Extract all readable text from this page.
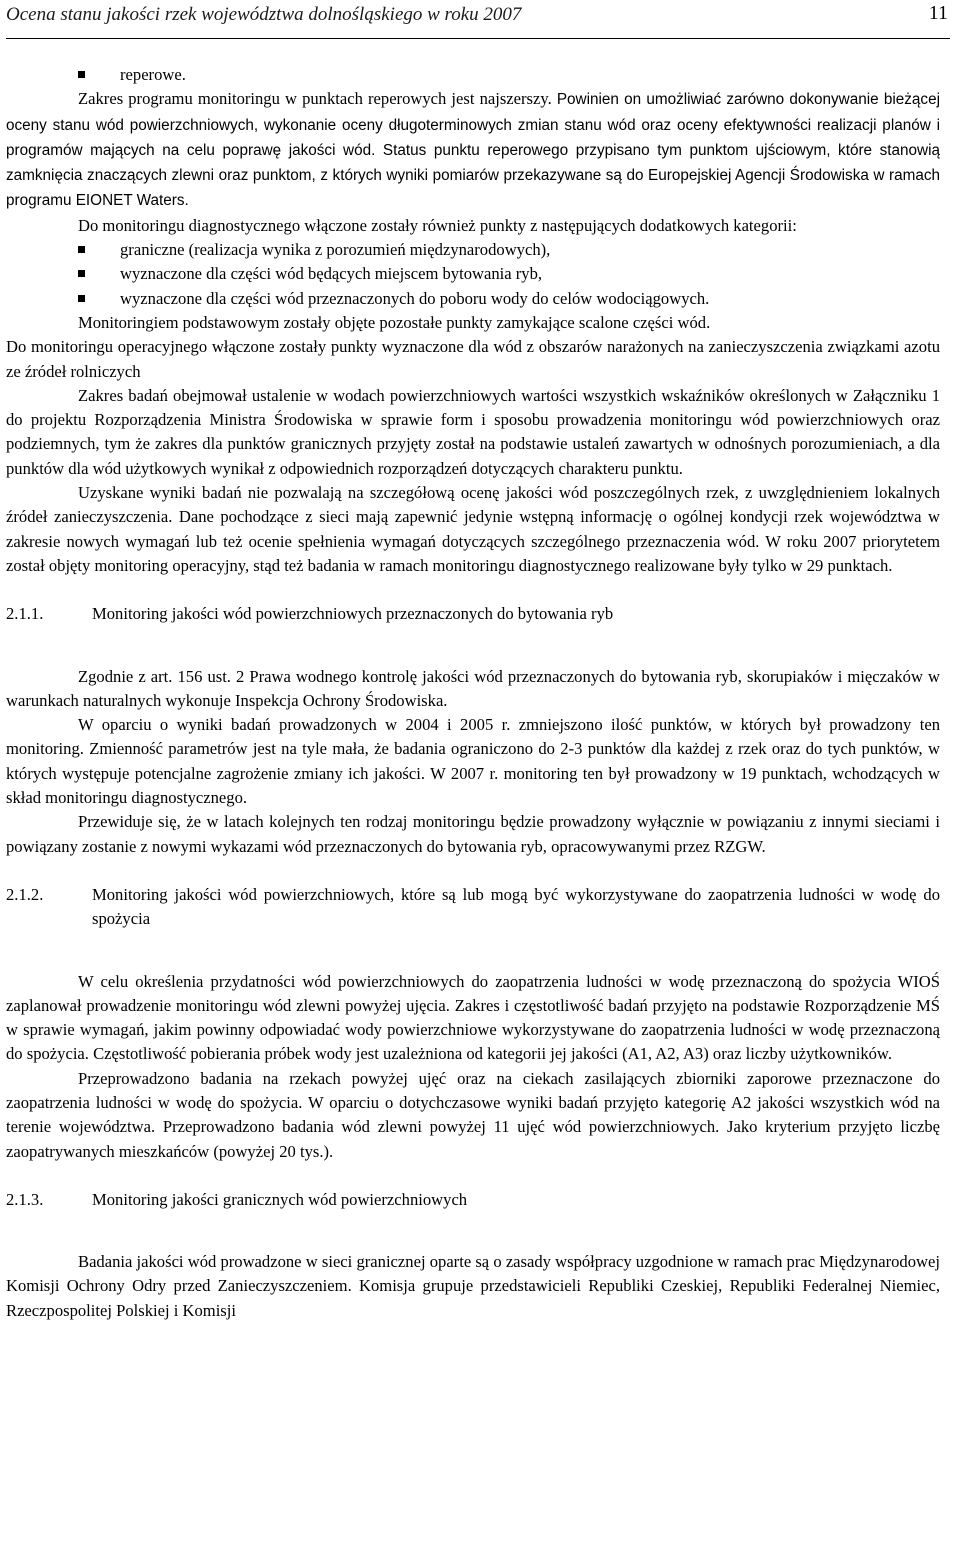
Ocena stanu jakości rzek województwa dolnośląskiego w roku 2007	11
reperowe.

Zakres programu monitoringu w punktach reperowych jest najszerszy. Powinien on umożliwiać zarówno dokonywanie bieżącej oceny stanu wód powierzchniowych, wykonanie oceny długoterminowych zmian stanu wód oraz oceny efektywności realizacji planów i programów mających na celu poprawę jakości wód. Status punktu reperowego przypisano tym punktom ujściowym, które stanowią zamknięcia znaczących zlewni oraz punktom, z których wyniki pomiarów przekazywane są do Europejskiej Agencji Środowiska w ramach programu EIONET Waters.

Do monitoringu diagnostycznego włączone zostały również punkty z następujących dodatkowych kategorii:

graniczne (realizacja wynika z porozumień międzynarodowych),
wyznaczone dla części wód będących miejscem bytowania ryb,
wyznaczone dla części wód przeznaczonych do poboru wody do celów wodociągowych.

Monitoringiem podstawowym zostały objęte pozostałe punkty zamykające scalone części wód.

Do monitoringu operacyjnego włączone zostały punkty wyznaczone dla wód z obszarów narażonych na zanieczyszczenia związkami azotu ze źródeł rolniczych

Zakres badań obejmował ustalenie w wodach powierzchniowych wartości wszystkich wskaźników określonych w Załączniku 1 do projektu Rozporządzenia Ministra Środowiska w sprawie form i sposobu prowadzenia monitoringu wód powierzchniowych oraz podziemnych, tym że zakres dla punktów granicznych przyjęty został na podstawie ustaleń zawartych w odnośnych porozumieniach, a dla punktów dla wód użytkowych wynikał z odpowiednich rozporządzeń dotyczących charakteru punktu.

Uzyskane wyniki badań nie pozwalają na szczegółową ocenę jakości wód poszczególnych rzek, z uwzględnieniem lokalnych źródeł zanieczyszczenia. Dane pochodzące z sieci mają zapewnić jedynie wstępną informację o ogólnej kondycji rzek województwa w zakresie nowych wymagań lub też ocenie spełnienia wymagań dotyczących szczególnego przeznaczenia wód. W roku 2007 priorytetem został objęty monitoring operacyjny, stąd też badania w ramach monitoringu diagnostycznego realizowane były tylko w 29 punktach.

2.1.1.	Monitoring jakości wód powierzchniowych przeznaczonych do bytowania ryb

Zgodnie z art. 156 ust. 2 Prawa wodnego kontrolę jakości wód przeznaczonych do bytowania ryb, skorupiaków i mięczaków w warunkach naturalnych wykonuje Inspekcja Ochrony Środowiska.

W oparciu o wyniki badań prowadzonych w 2004 i 2005 r. zmniejszono ilość punktów, w których był prowadzony ten monitoring. Zmienność parametrów jest na tyle mała, że badania ograniczono do 2-3 punktów dla każdej z rzek oraz do tych punktów, w których występuje potencjalne zagrożenie zmiany ich jakości. W 2007 r. monitoring ten był prowadzony w 19 punktach, wchodzących w skład monitoringu diagnostycznego.

Przewiduje się, że w latach kolejnych ten rodzaj monitoringu będzie prowadzony wyłącznie w powiązaniu z innymi sieciami i powiązany zostanie z nowymi wykazami wód przeznaczonych do bytowania ryb, opracowywanymi przez RZGW.

2.1.2.	Monitoring jakości wód powierzchniowych, które są lub mogą być wykorzystywane do zaopatrzenia ludności w wodę do spożycia

W celu określenia przydatności wód powierzchniowych do zaopatrzenia ludności w wodę przeznaczoną do spożycia WIOŚ zaplanował prowadzenie monitoringu wód zlewni powyżej ujęcia. Zakres i częstotliwość badań przyjęto na podstawie Rozporządzenie MŚ w sprawie wymagań, jakim powinny odpowiadać wody powierzchniowe wykorzystywane do zaopatrzenia ludności w wodę przeznaczoną do spożycia. Częstotliwość pobierania próbek wody jest uzależniona od kategorii jej jakości (A1, A2, A3) oraz liczby użytkowników.

Przeprowadzono badania na rzekach powyżej ujęć oraz na ciekach zasilających zbiorniki zaporowe przeznaczone do zaopatrzenia ludności w wodę do spożycia. W oparciu o dotychczasowe wyniki badań przyjęto kategorię A2 jakości wszystkich wód na terenie województwa. Przeprowadzono badania wód zlewni powyżej 11 ujęć wód powierzchniowych. Jako kryterium przyjęto liczbę zaopatrywanych mieszkańców (powyżej 20 tys.).

2.1.3.	Monitoring jakości granicznych wód powierzchniowych

Badania jakości wód prowadzone w sieci granicznej oparte są o zasady współpracy uzgodnione w ramach prac Międzynarodowej Komisji Ochrony Odry przed Zanieczyszczeniem. Komisja grupuje przedstawicieli Republiki Czeskiej, Republiki Federalnej Niemiec, Rzeczpospolitej Polskiej i Komisji
